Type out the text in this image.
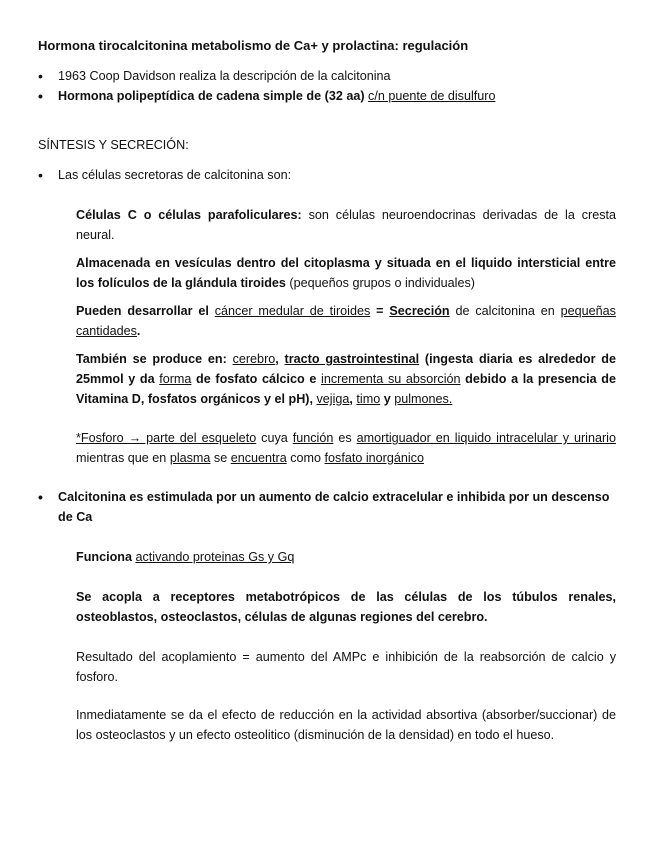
Hormona tirocalcitonina metabolismo de Ca+ y prolactina: regulación
• 1963 Coop Davidson realiza la descripción de la calcitonina
• Hormona polipeptídica de cadena simple de (32 aa) c/n puente de disulfuro
SÍNTESIS Y SECRECIÓN:
• Las células secretoras de calcitonina son:

Células C o células parafoliculares: son células neuroendocrinas derivadas de la cresta neural.

Almacenada en vesículas dentro del citoplasma y situada en el liquido intersticial entre los folículos de la glándula tiroides (pequeños grupos o individuales)

Pueden desarrollar el cáncer medular de tiroides = Secreción de calcitonina en pequeñas cantidades.

También se produce en: cerebro, tracto gastrointestinal (ingesta diaria es alrededor de 25mmol y da forma de fosfato cálcico e incrementa su absorción debido a la presencia de Vitamina D, fosfatos orgánicos y el pH), vejiga, timo y pulmones.

*Fosforo → parte del esqueleto cuya función es amortiguador en liquido intracelular y urinario mientras que en plasma se encuentra como fosfato inorgánico

• Calcitonina es estimulada por un aumento de calcio extracelular e inhibida por un descenso de Ca

Funciona activando proteinas Gs y Gq

Se acopla a receptores metabotrópicos de las células de los túbulos renales, osteoblastos, osteoclastos, células de algunas regiones del cerebro.

Resultado del acoplamiento = aumento del AMPc e inhibición de la reabsorción de calcio y fosforo.

Inmediatamente se da el efecto de reducción en la actividad absortiva (absorber/succionar) de los osteoclastos y un efecto osteolitico (disminución de la densidad) en todo el hueso.
